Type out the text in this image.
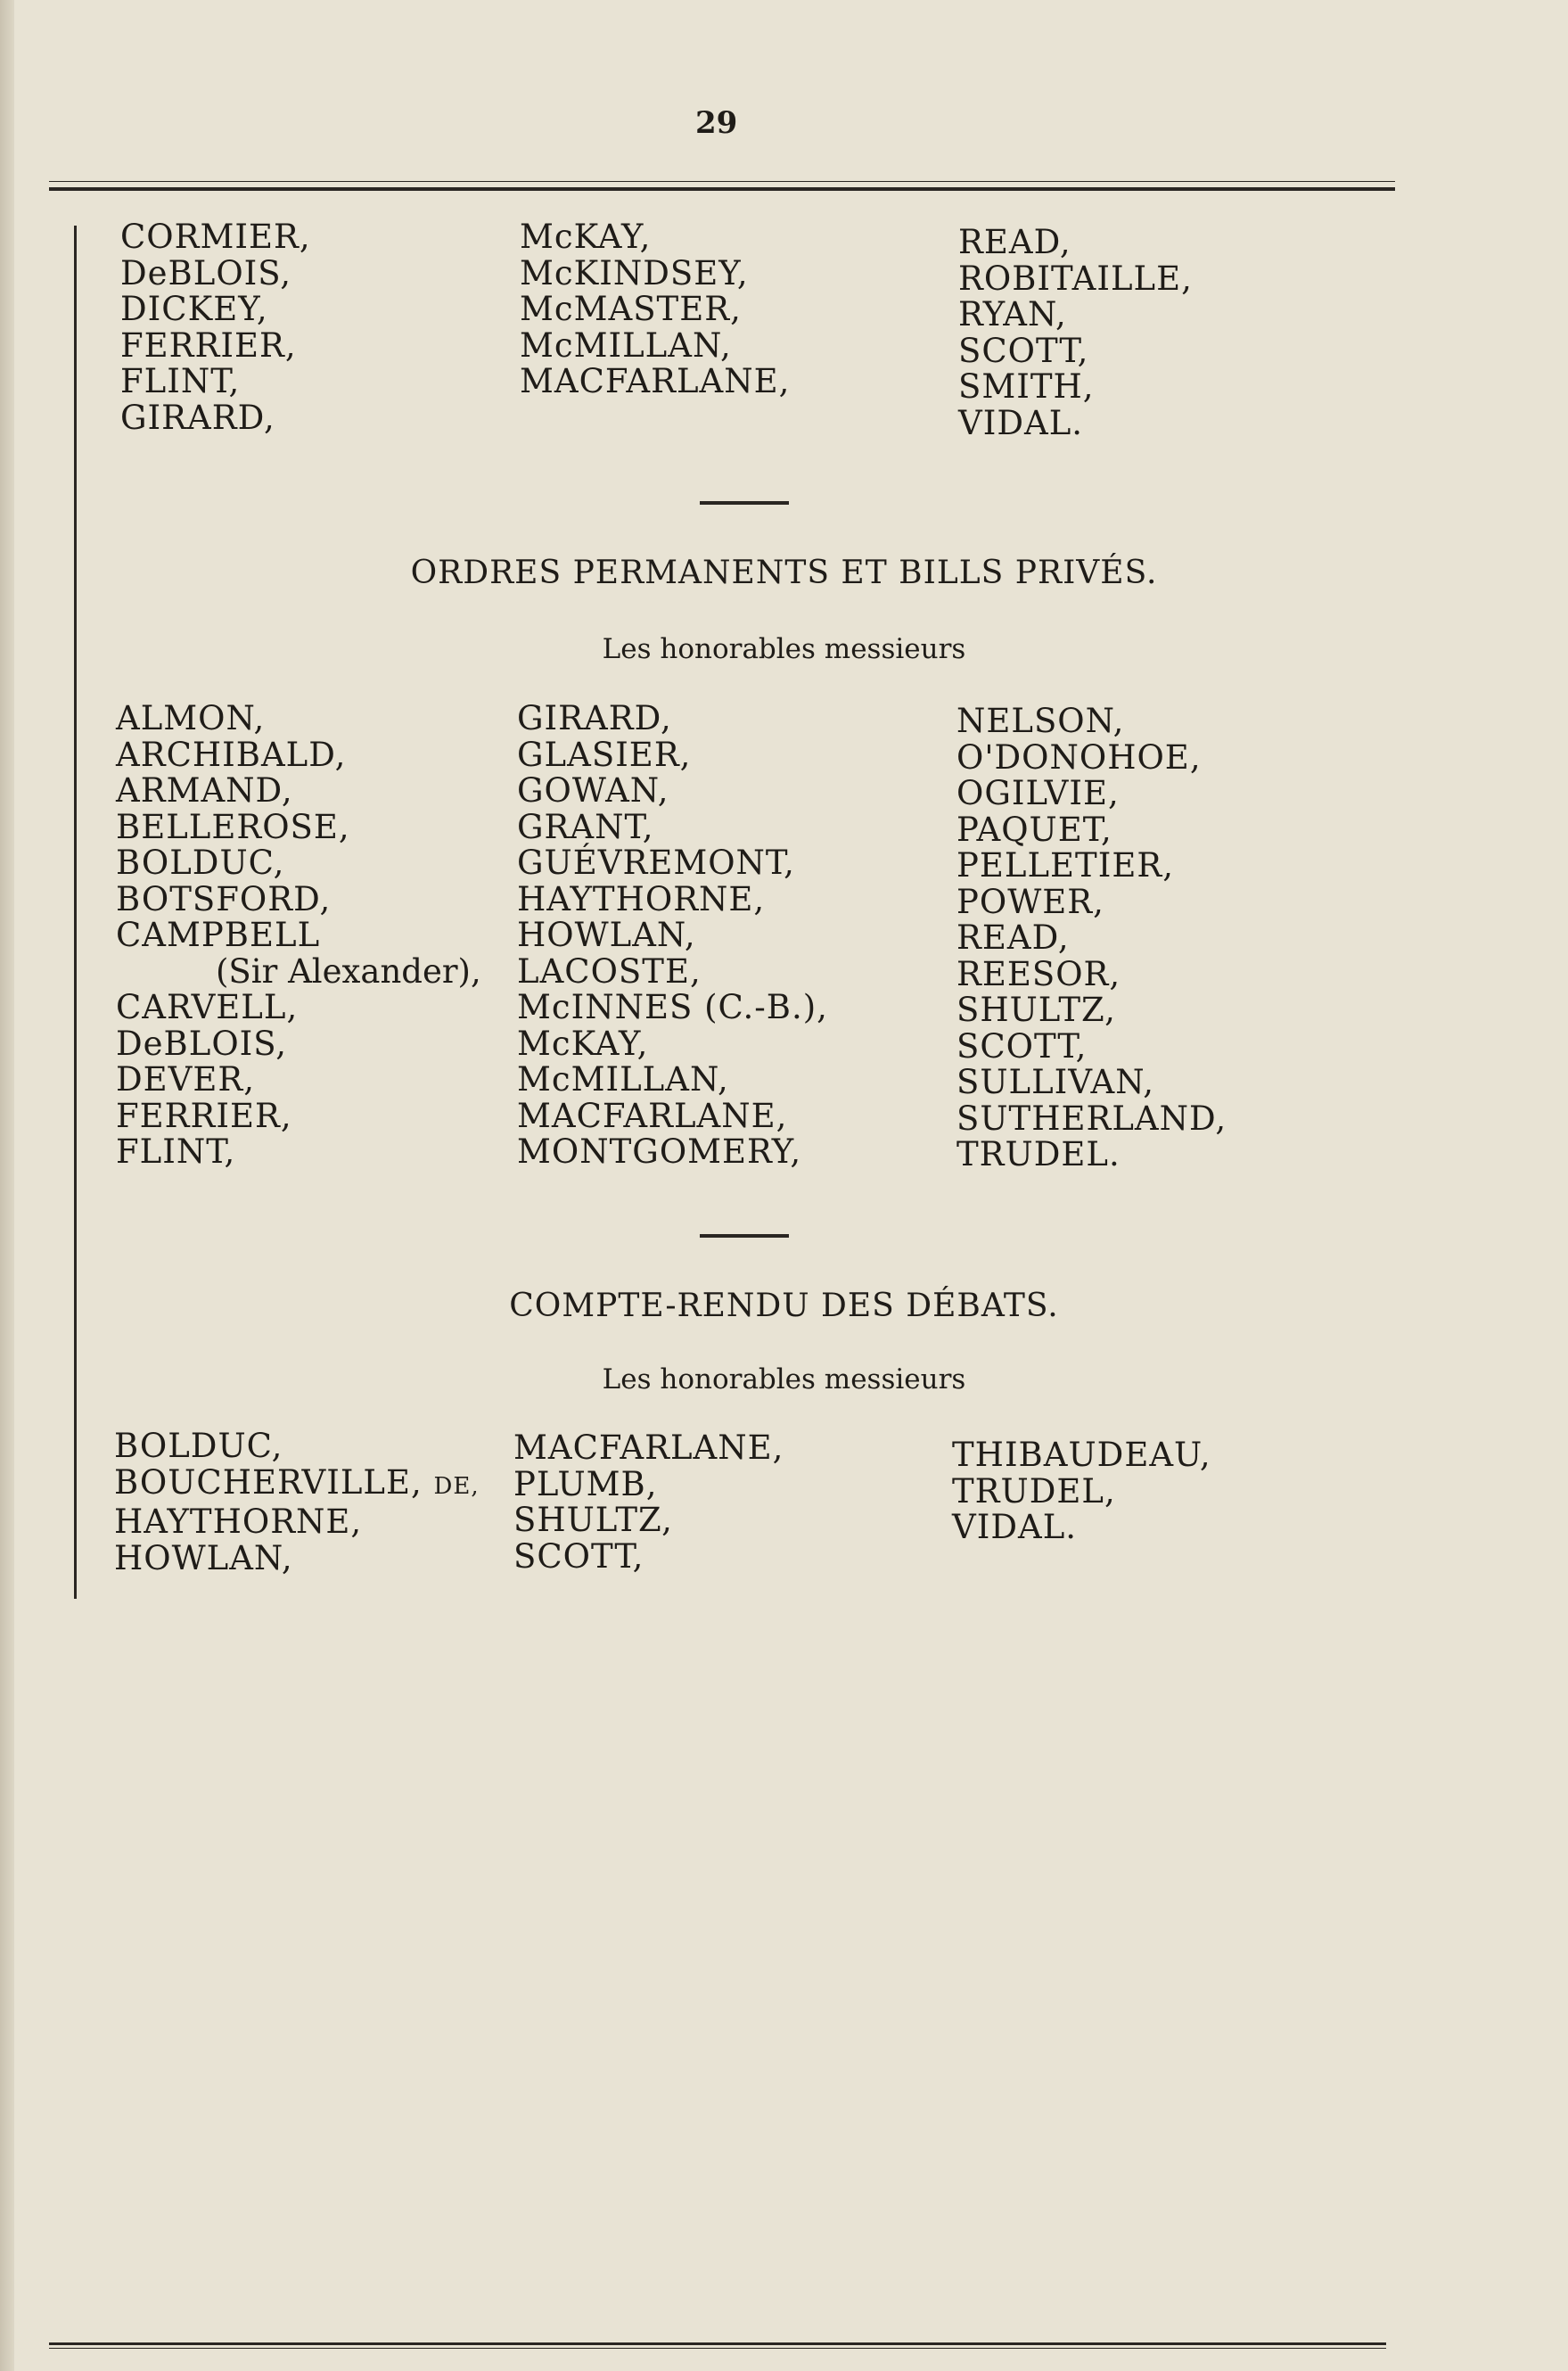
29
CORMIER,
DeBLOIS,
DICKEY,
FERRIER,
FLINT,
GIRARD,
McKAY,
McKINDSEY,
McMASTER,
McMILLAN,
MACFARLANE,
READ,
ROBITAILLE,
RYAN,
SCOTT,
SMITH,
VIDAL.
ORDRES PERMANENTS ET BILLS PRIVÉS.
Les honorables messieurs
ALMON,
ARCHIBALD,
ARMAND,
BELLEROSE,
BOLDUC,
BOTSFORD,
CAMPBELL
(Sir Alexander),
CARVELL,
DeBLOIS,
DEVER,
FERRIER,
FLINT,
GIRARD,
GLASIER,
GOWAN,
GRANT,
GUÉVREMONT,
HAYTHORNE,
HOWLAN,
LACOSTE,
McINNES (C.-B.),
McKAY,
McMILLAN,
MACFARLANE,
MONTGOMERY,
NELSON,
O'DONOHOE,
OGILVIE,
PAQUET,
PELLETIER,
POWER,
READ,
REESOR,
SHULTZ,
SCOTT,
SULLIVAN,
SUTHERLAND,
TRUDEL.
COMPTE-RENDU DES DÉBATS.
Les honorables messieurs
BOLDUC,
BOUCHERVILLE, DE,
HAYTHORNE,
HOWLAN,
MACFARLANE,
PLUMB,
SHULTZ,
SCOTT,
THIBAUDEAU,
TRUDEL,
VIDAL.
